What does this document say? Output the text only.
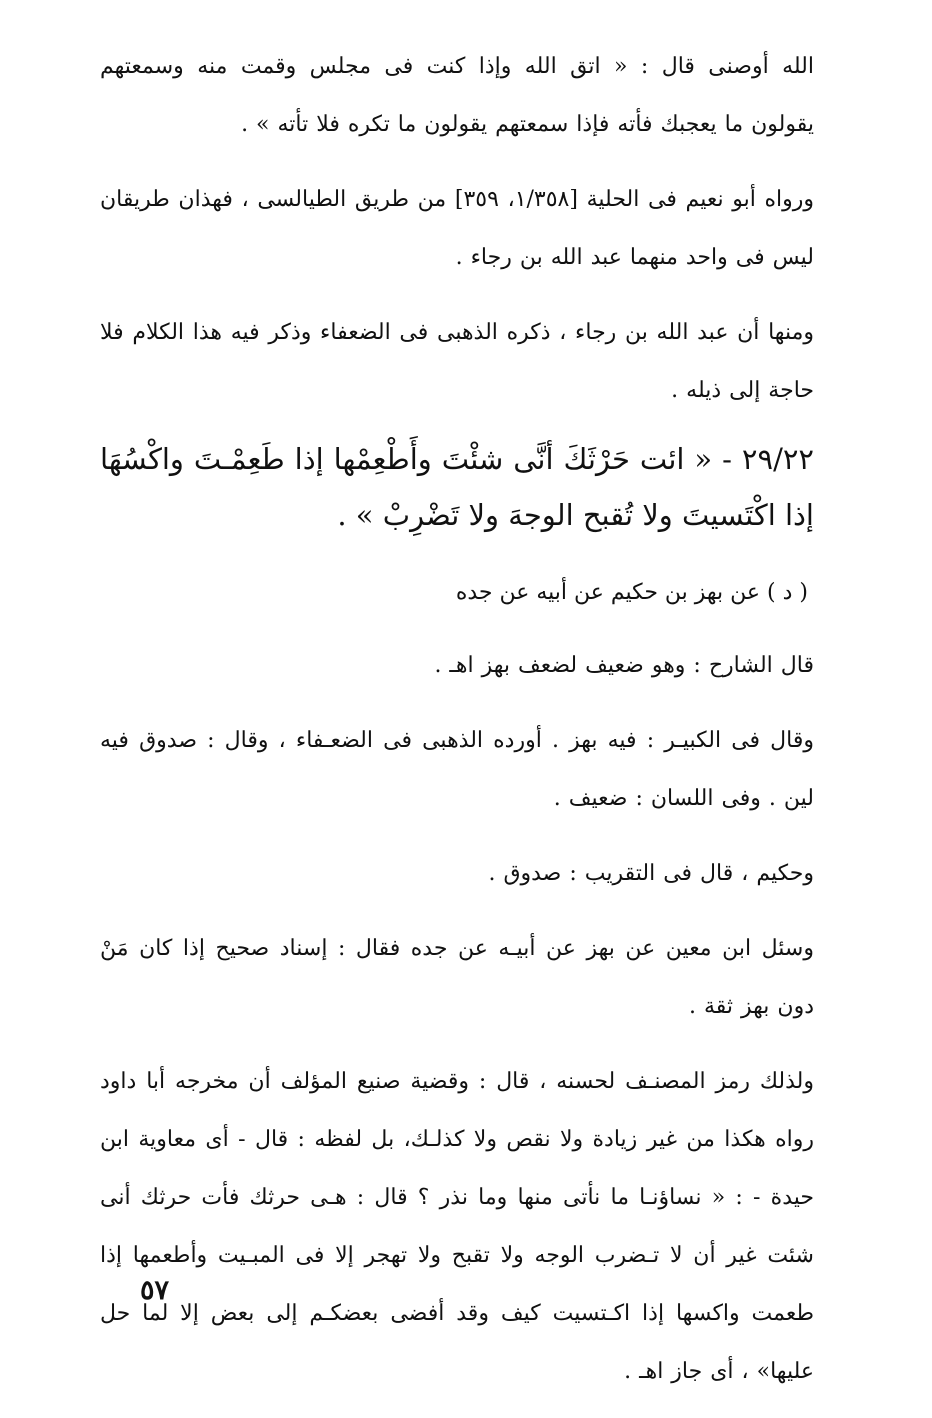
الله أوصنى قال : « اتق الله وإذا كنت فى مجلس وقمت منه وسمعتهم يقولون ما يعجبك فأته فإذا سمعتهم يقولون ما تكره فلا تأته » .

ورواه أبو نعيم فى الحلية [١/٣٥٨، ٣٥٩] من طريق الطيالسى ، فهذان طريقان ليس فى واحد منهما عبد الله بن رجاء .

ومنها أن عبد الله بن رجاء ، ذكره الذهبى فى الضعفاء وذكر فيه هذا الكلام فلا حاجة إلى ذيله .

٢٩/٢٢ - « ائت حَرْثَكَ أنَّى شئْتَ وأَطْعِمْها إذا طَعِمْـتَ واكْسُهَا إذا اكْتَسيتَ ولا تُقبح الوجهَ ولا تَضْرِبْ » .

( د ) عن بهز بن حكيم عن أبيه عن جده

قال الشارح : وهو ضعيف لضعف بهز اهـ .

وقال فى الكبيـر : فيه بهز . أورده الذهبى فى الضعـفاء ، وقال : صدوق فيه لين . وفى اللسان : ضعيف .

وحكيم ، قال فى التقريب : صدوق .

وسئل ابن معين عن بهز عن أبيـه عن جده فقال : إسناد صحيح إذا كان مَنْ دون بهز ثقة .

ولذلك رمز المصنـف لحسنه ، قال : وقضية صنيع المؤلف أن مخرجه أبا داود رواه هكذا من غير زيادة ولا نقص ولا كذلـك، بل لفظه : قال - أى معاوية ابن حيدة - : « نساؤنـا ما نأتى منها وما نذر ؟ قال : هـى حرثك فأت حرثك أنى شئت غير أن لا تـضرب الوجه ولا تقبح ولا تهجر إلا فى المبـيت وأطعمها إذا طعمت واكسها إذا اكـتسيت كيف وقد أفضى بعضكـم إلى بعض إلا لما حل عليها» ، أى جاز اهـ .

٥٧
